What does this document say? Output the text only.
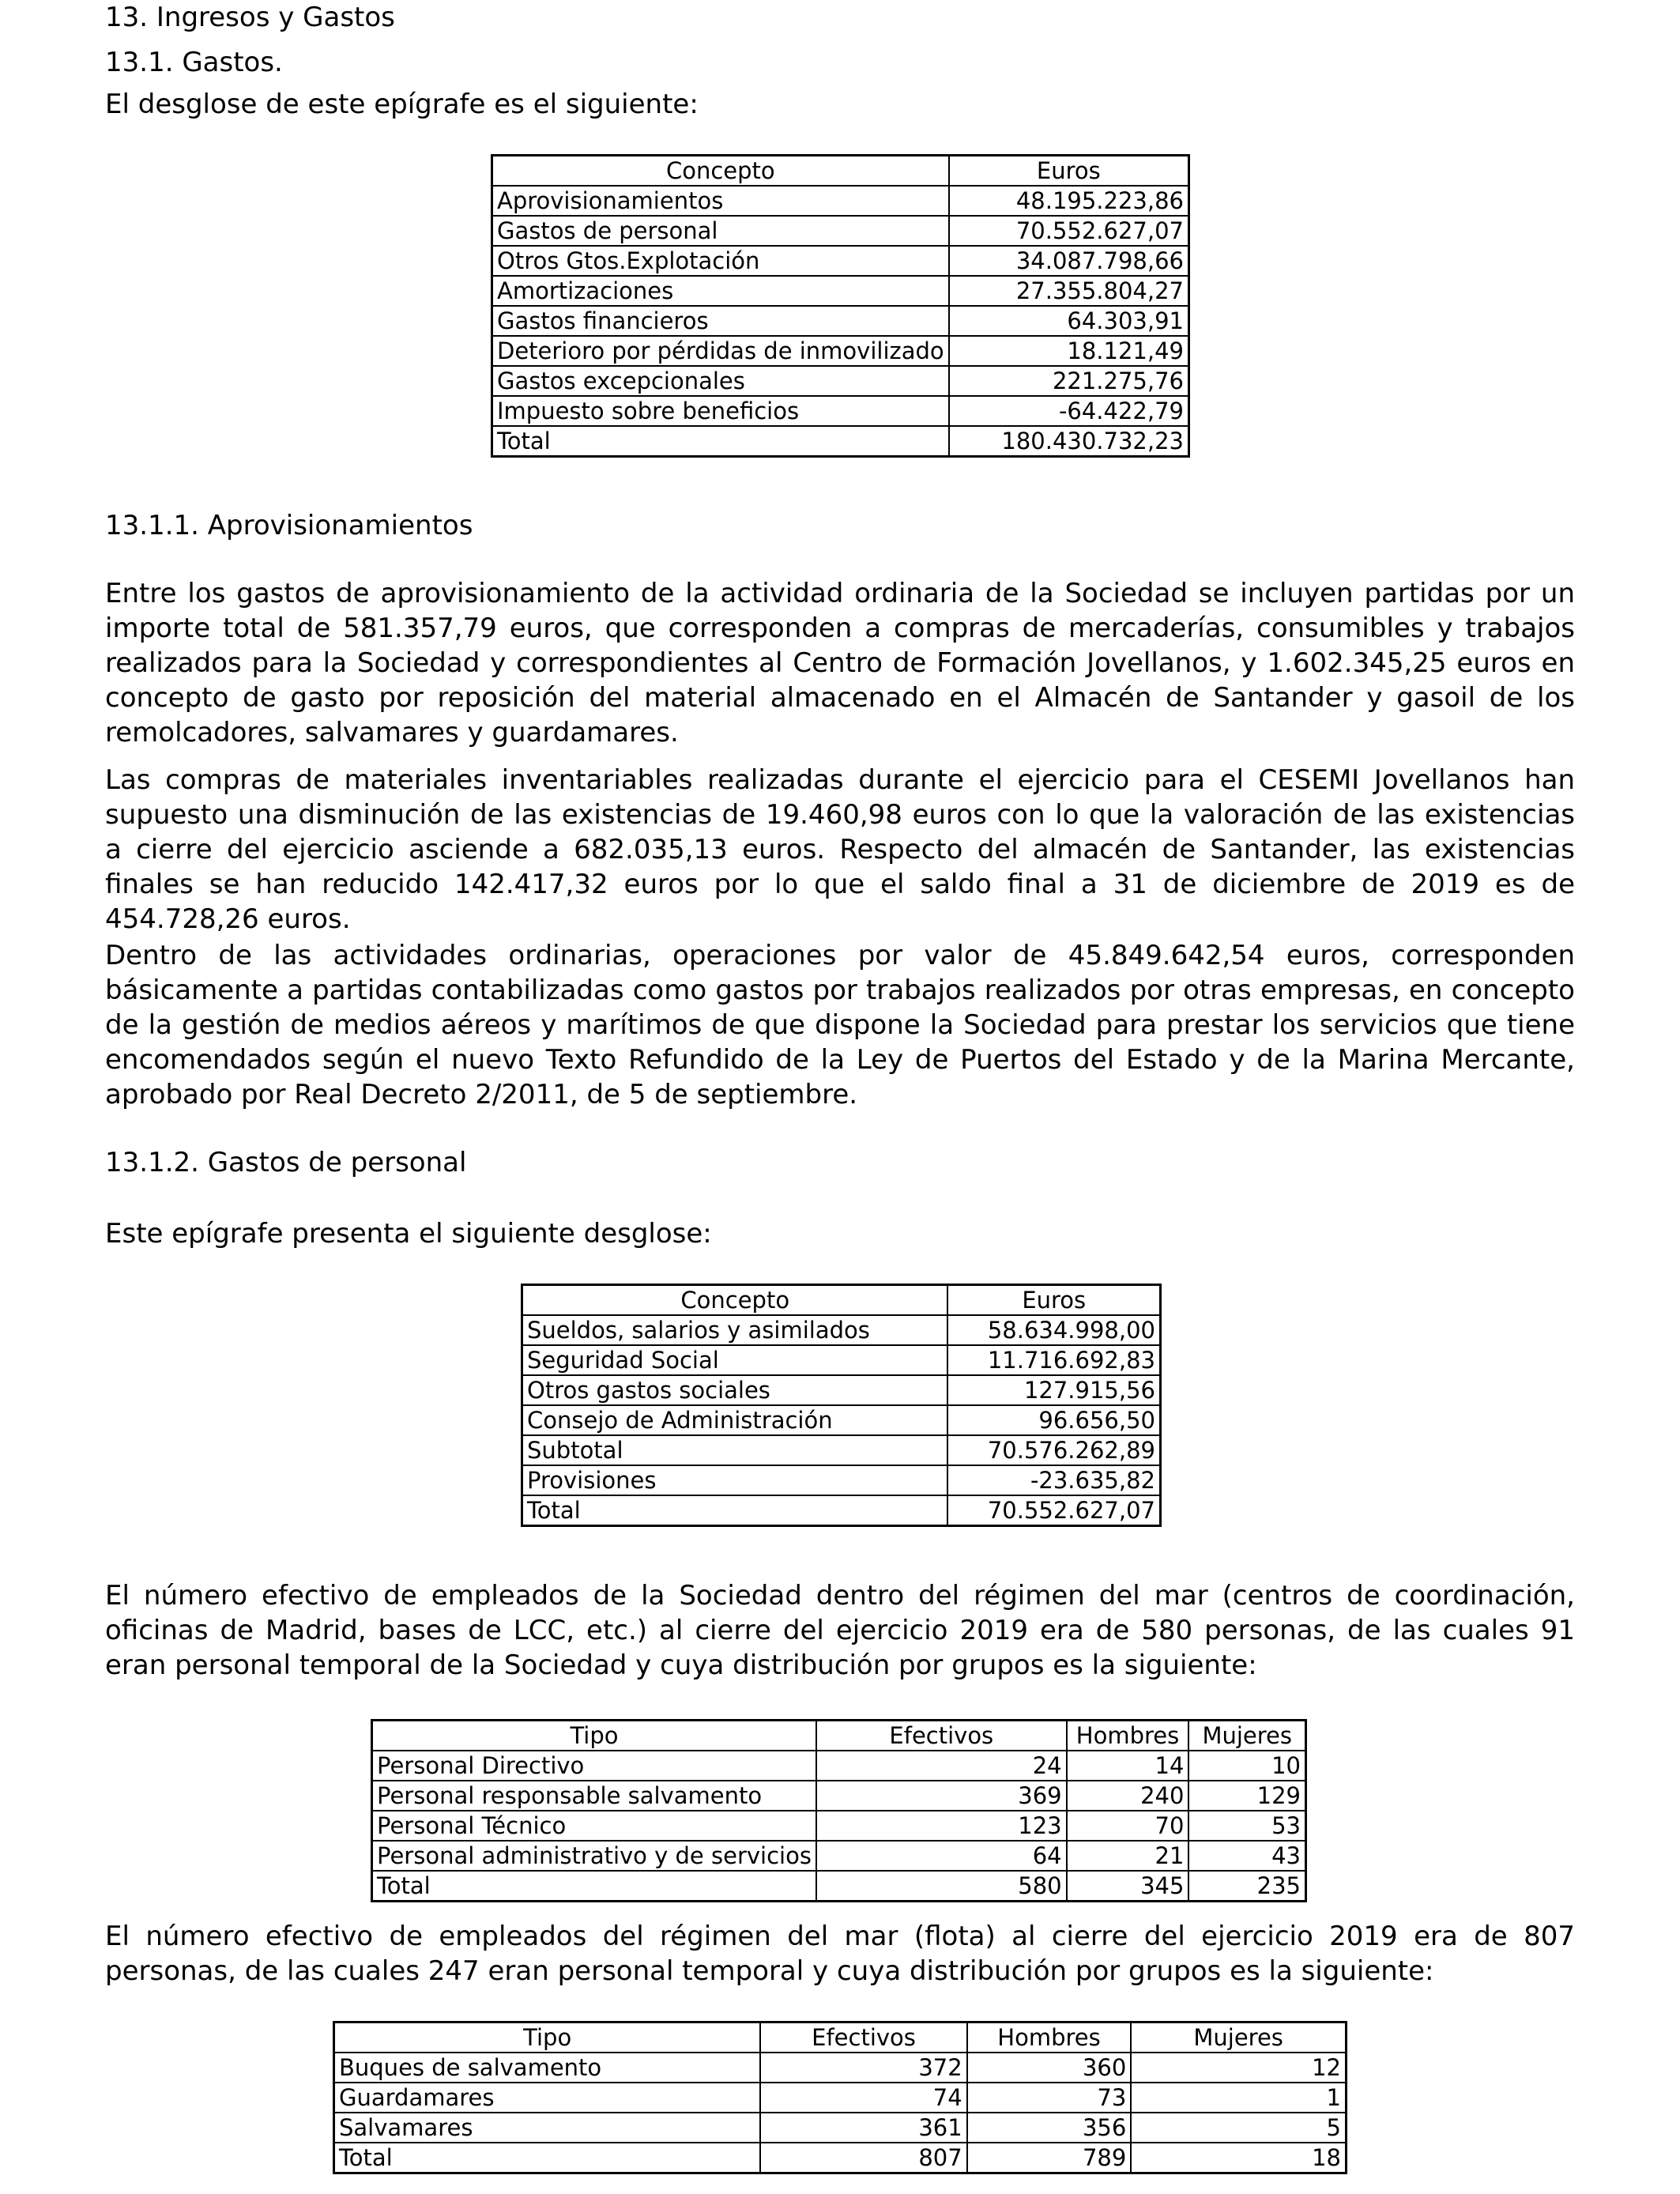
13. Ingresos y Gastos
13.1. Gastos.
El desglose de este epígrafe es el siguiente:
Concepto	Euros
Aprovisionamientos	48.195.223,86
Gastos de personal	70.552.627,07
Otros Gtos.Explotación	34.087.798,66
Amortizaciones	27.355.804,27
Gastos financieros	64.303,91
Deterioro por pérdidas de inmovilizado	18.121,49
Gastos excepcionales	221.275,76
Impuesto sobre beneficios	-64.422,79
Total	180.430.732,23
13.1.1. Aprovisionamientos

Entre los gastos de aprovisionamiento de la actividad ordinaria de la Sociedad se incluyen partidas por un importe total de 581.357,79 euros, que corresponden a compras de mercaderías, consumibles y trabajos realizados para la Sociedad y correspondientes al Centro de Formación Jovellanos, y 1.602.345,25 euros en concepto de gasto por reposición del material almacenado en el Almacén de Santander y gasoil de los remolcadores, salvamares y guardamares.

Las compras de materiales inventariables realizadas durante el ejercicio para el CESEMI Jovellanos han supuesto una disminución de las existencias de 19.460,98 euros con lo que la valoración de las existencias a cierre del ejercicio asciende a 682.035,13 euros. Respecto del almacén de Santander, las existencias finales se han reducido 142.417,32 euros por lo que el saldo final a 31 de diciembre de 2019 es de 454.728,26 euros.

Dentro de las actividades ordinarias, operaciones por valor de 45.849.642,54 euros, corresponden básicamente a partidas contabilizadas como gastos por trabajos realizados por otras empresas, en concepto de la gestión de medios aéreos y marítimos de que dispone la Sociedad para prestar los servicios que tiene encomendados según el nuevo Texto Refundido de la Ley de Puertos del Estado y de la Marina Mercante, aprobado por Real Decreto 2/2011, de 5 de septiembre.

13.1.2. Gastos de personal
Este epígrafe presenta el siguiente desglose:
Concepto	Euros
Sueldos, salarios y asimilados	58.634.998,00
Seguridad Social	11.716.692,83
Otros gastos sociales	127.915,56
Consejo de Administración	96.656,50
Subtotal	70.576.262,89
Provisiones	-23.635,82
Total	70.552.627,07

El número efectivo de empleados de la Sociedad dentro del régimen del mar (centros de coordinación, oficinas de Madrid, bases de LCC, etc.) al cierre del ejercicio 2019 era de 580 personas, de las cuales 91 eran personal temporal de la Sociedad y cuya distribución por grupos es la siguiente:

Tipo	Efectivos	Hombres	Mujeres
Personal Directivo	24	14	10
Personal responsable salvamento	369	240	129
Personal Técnico	123	70	53
Personal administrativo y de servicios	64	21	43
Total	580	345	235

El número efectivo de empleados del régimen del mar (flota) al cierre del ejercicio 2019 era de 807 personas, de las cuales 247 eran personal temporal y cuya distribución por grupos es la siguiente:

Tipo	Efectivos	Hombres	Mujeres
Buques de salvamento	372	360	12
Guardamares	74	73	1
Salvamares	361	356	5
Total	807	789	18
